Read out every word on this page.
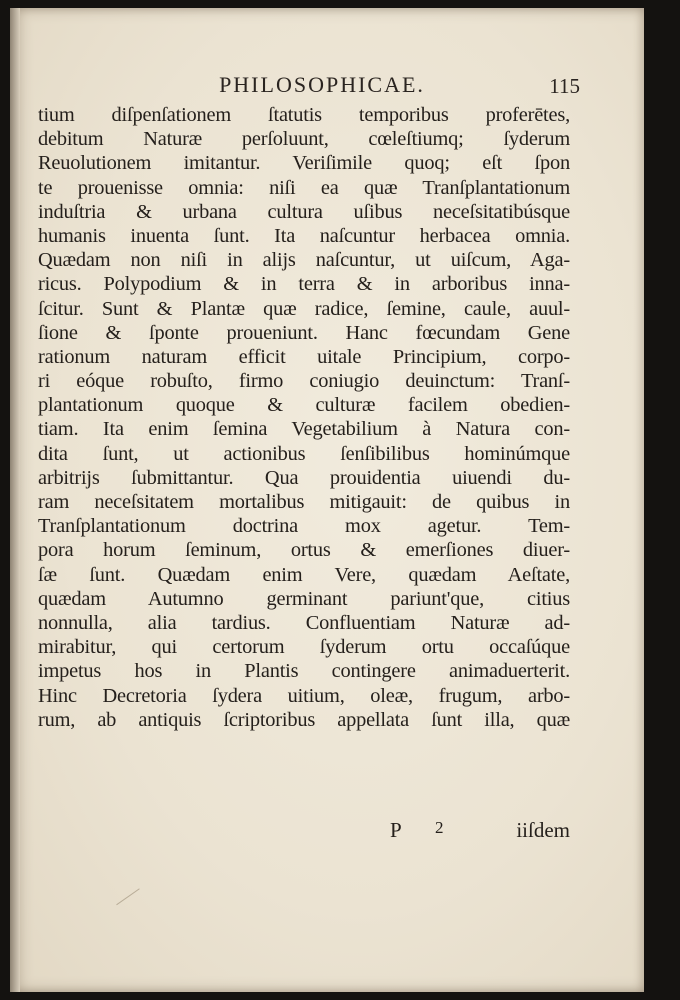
PHILOSOPHICAE.	115
tium diſpenſationem ſtatutis temporibus proferētes,
debitum Naturæ perſoluunt, cœleſtiumq; ſyderum
Reuolutionem imitantur. Veriſimile quoq; eſt ſpon
te prouenisse omnia: niſi ea quæ Tranſplantationum
induſtria & urbana cultura uſibus neceſsitatibúsque
humanis inuenta ſunt. Ita naſcuntur herbacea omnia.
Quædam non niſi in alijs naſcuntur, ut uiſcum, Aga-
ricus. Polypodium & in terra & in arboribus inna-
ſcitur. Sunt & Plantæ quæ radice, ſemine, caule, auul-
ſione & ſponte proueniunt. Hanc fœcundam Gene
rationum naturam efficit uitale Principium, corpo-
ri eóque robuſto, firmo coniugio deuinctum: Tranſ-
plantationum quoque & culturæ facilem obedien-
tiam. Ita enim ſemina Vegetabilium à Natura con-
dita ſunt, ut actionibus ſenſibilibus hominúmque
arbitrijs ſubmittantur. Qua prouidentia uiuendi du-
ram neceſsitatem mortalibus mitigauit: de quibus in
Tranſplantationum doctrina mox agetur. Tem-
pora horum ſeminum, ortus & emerſiones diuer-
ſæ ſunt. Quædam enim Vere, quædam Aeſtate,
quædam Autumno germinant pariunt'que, citius
nonnulla, alia tardius. Confluentiam Naturæ ad-
mirabitur, qui certorum ſyderum ortu occaſúque
impetus hos in Plantis contingere animaduerterit.
Hinc Decretoria ſydera uitium, oleæ, frugum, arbo-
rum, ab antiquis ſcriptoribus appellata ſunt illa, quæ
P 2	iiſdem
